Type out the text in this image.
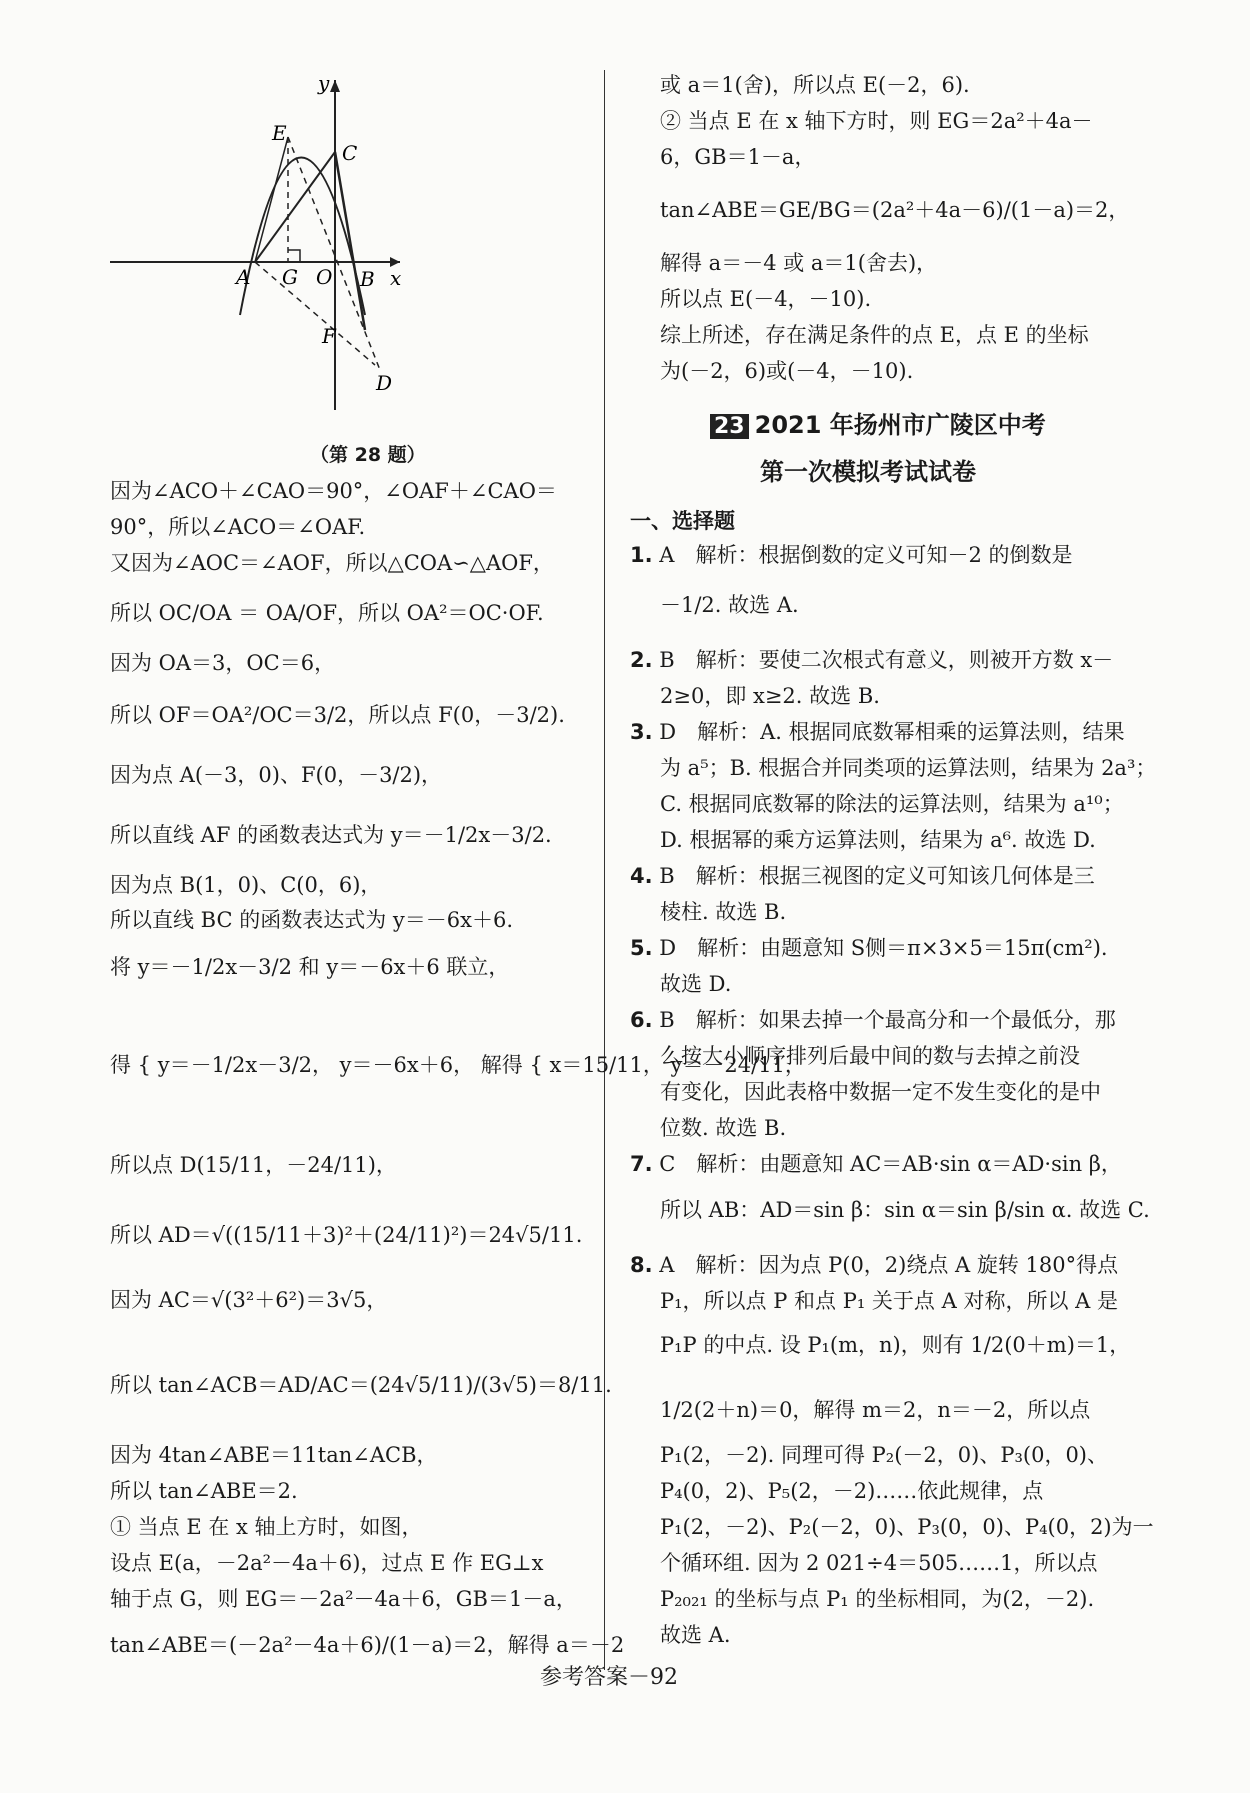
y
x
E
C
A G O B
F
D
（第 28 题）
因为∠ACO＋∠CAO＝90°，∠OAF＋∠CAO＝
90°，所以∠ACO＝∠OAF.
又因为∠AOC＝∠AOF，所以△COA∽△AOF，
所以 OC/OA ＝ OA/OF，所以 OA²＝OC·OF.
因为 OA＝3，OC＝6，
所以 OF＝OA²/OC＝3/2，所以点 F(0，－3/2).
因为点 A(－3，0)、F(0，－3/2)，
所以直线 AF 的函数表达式为 y＝－1/2x－3/2.
因为点 B(1，0)、C(0，6)，
所以直线 BC 的函数表达式为 y＝－6x＋6.
将 y＝－1/2x－3/2 和 y＝－6x＋6 联立，
得 { y＝－1/2x－3/2， y＝－6x＋6， 解得 { x＝15/11， y＝－24/11，
所以点 D(15/11，－24/11)，
所以 AD＝√((15/11＋3)²＋(24/11)²)＝24√5/11.
因为 AC＝√(3²＋6²)＝3√5，
所以 tan∠ACB＝AD/AC＝(24√5/11)/(3√5)＝8/11.
因为 4tan∠ABE＝11tan∠ACB，
所以 tan∠ABE＝2.
① 当点 E 在 x 轴上方时，如图，
设点 E(a，－2a²－4a＋6)，过点 E 作 EG⊥x
轴于点 G，则 EG＝－2a²－4a＋6，GB＝1－a，
tan∠ABE＝(－2a²－4a＋6)/(1－a)＝2，解得 a＝－2
或 a＝1(舍)，所以点 E(－2，6).
② 当点 E 在 x 轴下方时，则 EG＝2a²＋4a－
6，GB＝1－a，
tan∠ABE＝GE/BG＝(2a²＋4a－6)/(1－a)＝2，
解得 a＝－4 或 a＝1(舍去)，
所以点 E(－4，－10).
综上所述，存在满足条件的点 E，点 E 的坐标
为(－2，6)或(－4，－10).
23 2021 年扬州市广陵区中考
第一次模拟考试试卷
一、选择题
1. A　解析：根据倒数的定义可知－2 的倒数是
－1/2. 故选 A.
2. B　解析：要使二次根式有意义，则被开方数 x－
2≥0，即 x≥2. 故选 B.
3. D　解析：A. 根据同底数幂相乘的运算法则，结果
为 a⁵；B. 根据合并同类项的运算法则，结果为 2a³；
C. 根据同底数幂的除法的运算法则，结果为 a¹⁰；
D. 根据幂的乘方运算法则，结果为 a⁶. 故选 D.
4. B　解析：根据三视图的定义可知该几何体是三
棱柱. 故选 B.
5. D　解析：由题意知 S侧＝π×3×5＝15π(cm²).
故选 D.
6. B　解析：如果去掉一个最高分和一个最低分，那
么按大小顺序排列后最中间的数与去掉之前没
有变化，因此表格中数据一定不发生变化的是中
位数. 故选 B.
7. C　解析：由题意知 AC＝AB·sin α＝AD·sin β，
所以 AB：AD＝sin β：sin α＝sin β/sin α. 故选 C.
8. A　解析：因为点 P(0，2)绕点 A 旋转 180°得点
P₁，所以点 P 和点 P₁ 关于点 A 对称，所以 A 是
P₁P 的中点. 设 P₁(m，n)，则有 1/2(0＋m)＝1，
1/2(2＋n)＝0，解得 m＝2，n＝－2，所以点
P₁(2，－2). 同理可得 P₂(－2，0)、P₃(0，0)、
P₄(0，2)、P₅(2，－2)……依此规律，点
P₁(2，－2)、P₂(－2，0)、P₃(0，0)、P₄(0，2)为一
个循环组. 因为 2 021÷4＝505……1，所以点
P₂₀₂₁ 的坐标与点 P₁ 的坐标相同，为(2，－2).
故选 A.
参考答案－92
